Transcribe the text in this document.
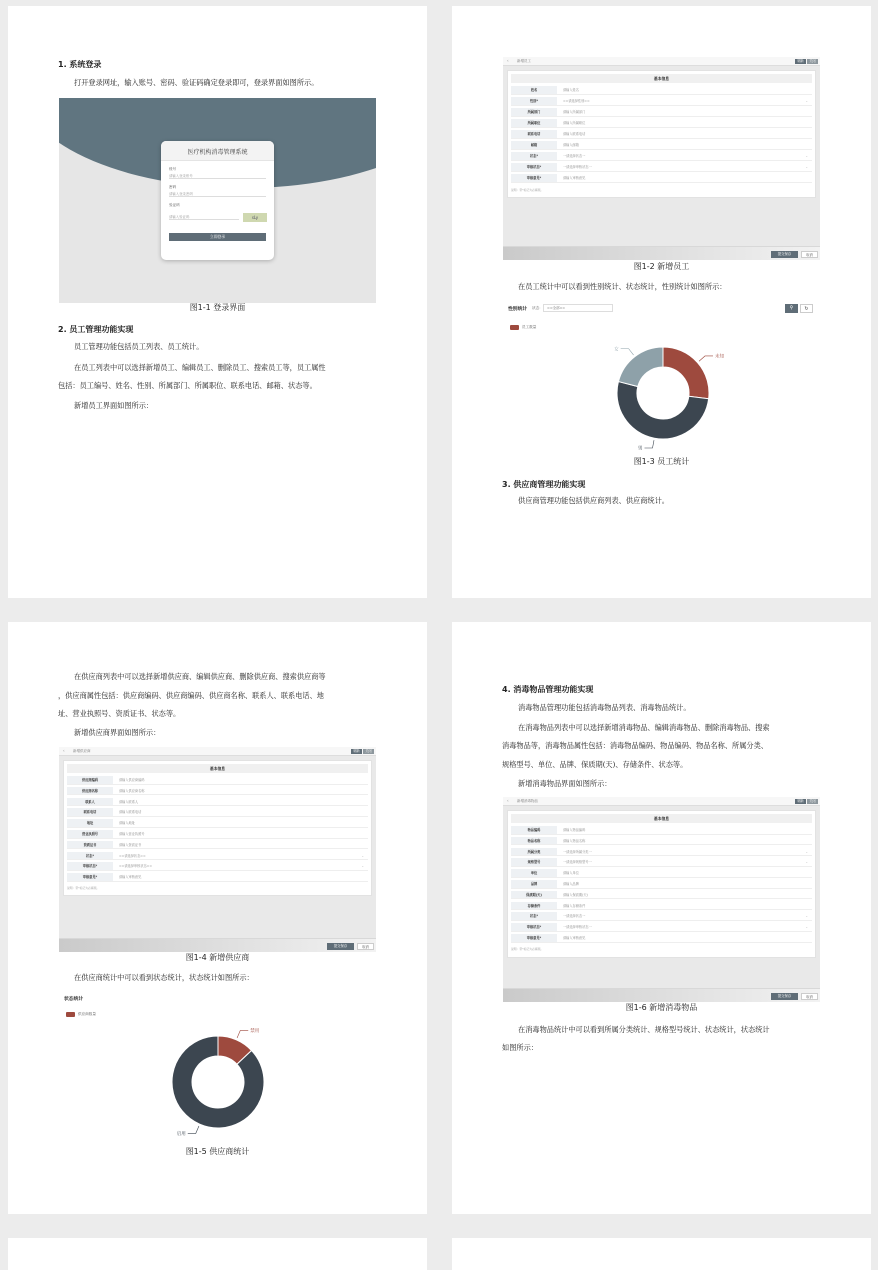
1. 系统登录
打开登录网址，输入账号、密码、验证码确定登录即可，登录界面如图所示。
医疗机构消毒管理系统
账号
请输入登录账号
密码
请输入登录密码
验证码
请输入验证码	sLy
立即登录
图1-1 登录界面
2. 员工管理功能实现
员工管理功能包括员工列表、员工统计。
在员工列表中可以选择新增员工、编辑员工、删除员工、搜索员工等，员工属性
包括：员工编号、姓名、性别、所属部门、所属职位、联系电话、邮箱、状态等。
新增员工界面如图所示：
‹ 新增员工	刷新	关闭
基本信息
姓名	请输入姓名
性别*	==请选择性别==	⌄
所属部门	请输入所属部门
所属职位	请输入所属职位
联系电话	请输入联系电话
邮箱	请输入邮箱
状态*	一请选择状态一	⌄
审核状态*	一请选择审核状态一	⌄
审核意见*	请输入审核意见
说明：带*标记为必填项。
提交保存	取消
图1-2 新增员工
在员工统计中可以看到性别统计、状态统计，性别统计如图所示：
性别统计 状态：	==全部==	⚲	↻
员工数量
未知
男
女
图1-3 员工统计
3. 供应商管理功能实现
供应商管理功能包括供应商列表、供应商统计。
在供应商列表中可以选择新增供应商、编辑供应商、删除供应商、搜索供应商等
，供应商属性包括：供应商编码、供应商编码、供应商名称、联系人、联系电话、地
址、营业执照号、资质证书、状态等。
新增供应商界面如图所示：
‹ 新增供应商	刷新	关闭
基本信息
供应商编码	请输入供应商编码
供应商名称	请输入供应商名称
联系人	请输入联系人
联系电话	请输入联系电话
地址	请输入地址
营业执照号	请输入营业执照号
资质证书	请输入资质证书
状态*	==请选择状态==	⌄
审核状态*	==请选择审核状态==	⌄
审核意见*	请输入审核意见
说明：带*标记为必填项。
提交保存	取消
图1-4 新增供应商
在供应商统计中可以看到状态统计，状态统计如图所示：
状态统计
供应商数量
禁用
启用
图1-5 供应商统计
4. 消毒物品管理功能实现
消毒物品管理功能包括消毒物品列表、消毒物品统计。
在消毒物品列表中可以选择新增消毒物品、编辑消毒物品、删除消毒物品、搜索
消毒物品等，消毒物品属性包括：消毒物品编码、物品编码、物品名称、所属分类、
规格型号、单位、品牌、保质期(天)、存储条件、状态等。
新增消毒物品界面如图所示：
‹ 新增消毒物品	刷新	关闭
基本信息
物品编码	请输入物品编码
物品名称	请输入物品名称
所属分类	一请选择所属分类一	⌄
规格型号	一请选择规格型号一	⌄
单位	请输入单位
品牌	请输入品牌
保质期(天)	请输入保质期(天)
存储条件	请输入存储条件
状态*	一请选择状态一	⌄
审核状态*	一请选择审核状态一	⌄
审核意见*	请输入审核意见
说明：带*标记为必填项。
提交保存	取消
图1-6 新增消毒物品
在消毒物品统计中可以看到所属分类统计、规格型号统计、状态统计，状态统计
如图所示：
